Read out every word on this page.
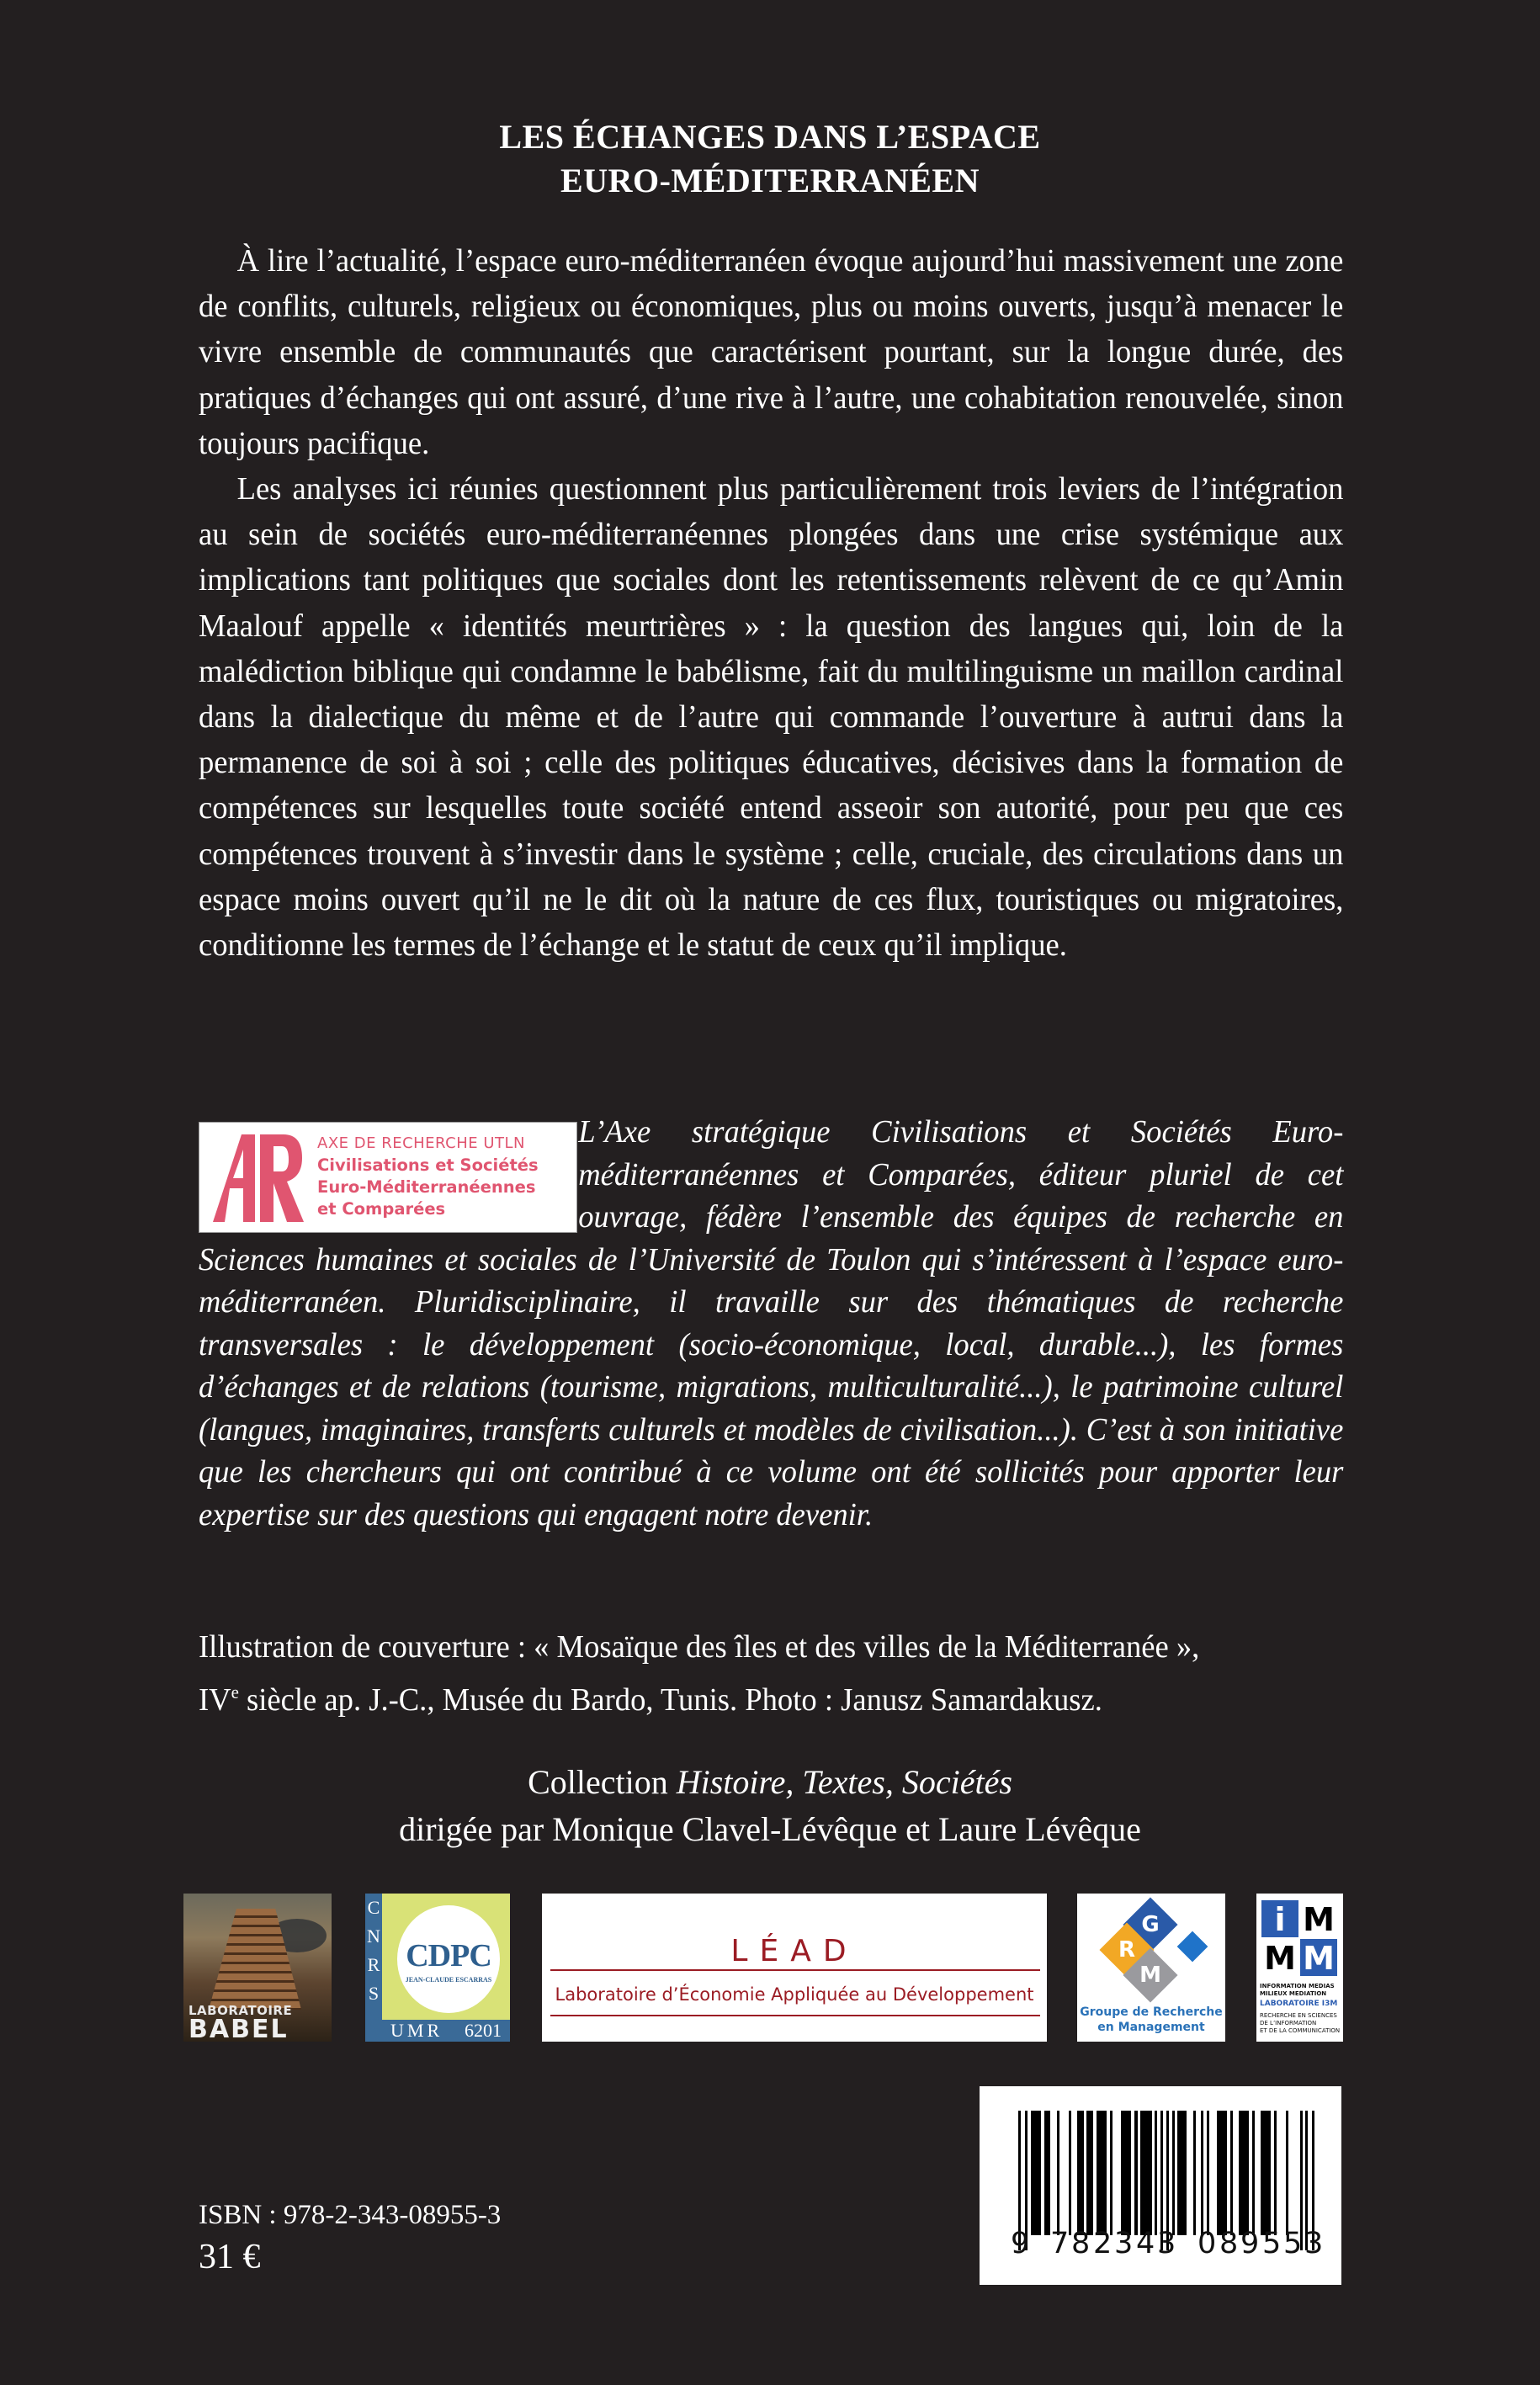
LES ÉCHANGES DANS L’ESPACE
EURO-MÉDITERRANÉEN

À lire l’actualité, l’espace euro-méditerranéen évoque aujourd’hui massivement une zone de conflits, culturels, religieux ou économiques, plus ou moins ouverts, jusqu’à menacer le vivre ensemble de communautés que caractérisent pourtant, sur la longue durée, des pratiques d’échanges qui ont assuré, d’une rive à l’autre, une cohabitation renouvelée, sinon toujours pacifique.

Les analyses ici réunies questionnent plus particulièrement trois leviers de l’intégration au sein de sociétés euro-méditerranéennes plongées dans une crise systémique aux implications tant politiques que sociales dont les retentissements relèvent de ce qu’Amin Maalouf appelle « identités meurtrières » : la question des langues qui, loin de la malédiction biblique qui condamne le babélisme, fait du multilinguisme un maillon cardinal dans la dialectique du même et de l’autre qui commande l’ouverture à autrui dans la permanence de soi à soi ; celle des politiques éducatives, décisives dans la formation de compétences sur lesquelles toute société entend asseoir son autorité, pour peu que ces compétences trouvent à s’investir dans le système ; celle, cruciale, des circulations dans un espace moins ouvert qu’il ne le dit où la nature de ces flux, touristiques ou migratoires, conditionne les termes de l’échange et le statut de ceux qu’il implique.

L’Axe stratégique Civilisations et Sociétés Euro-méditerranéennes et Comparées, éditeur pluriel de cet ouvrage, fédère l’ensemble des équipes de recherche en Sciences humaines et sociales de l’Université de Toulon qui s’intéressent à l’espace euro-méditerranéen. Pluridisciplinaire, il travaille sur des thématiques de recherche transversales : le développement (socio-économique, local, durable...), les formes d’échanges et de relations (tourisme, migrations, multiculturalité...), le patrimoine culturel (langues, imaginaires, transferts culturels et modèles de civilisation...). C’est à son initiative que les chercheurs qui ont contribué à ce volume ont été sollicités pour apporter leur expertise sur des questions qui engagent notre devenir.
AXE DE RECHERCHE UTLN
Civilisations et Sociétés
Euro-Méditerranéennes
et Comparées
Illustration de couverture : « Mosaïque des îles et des villes de la Méditerranée »,
IVe siècle ap. J.-C., Musée du Bardo, Tunis. Photo : Janusz Samardakusz.
Collection Histoire, Textes, Sociétés
dirigée par Monique Clavel-Lévêque et Laure Lévêque
LABORATOIRE
BABEL
C
N
R
S
CDPC
JEAN-CLAUDE ESCARRAS
UMR 6201
LÉAD
Laboratoire d’Économie Appliquée au Développement
G
R
M
Groupe de Recherche
en Management
i M
M M
INFORMATION MEDIAS
MILIEUX MEDIATION
LABORATOIRE I3M
RECHERCHE EN SCIENCES
DE L’INFORMATION
ET DE LA COMMUNICATION
ISBN : 978-2-343-08955-3
31 €	9 7 8 2 3 4 3 0 8 9 5 5 3
